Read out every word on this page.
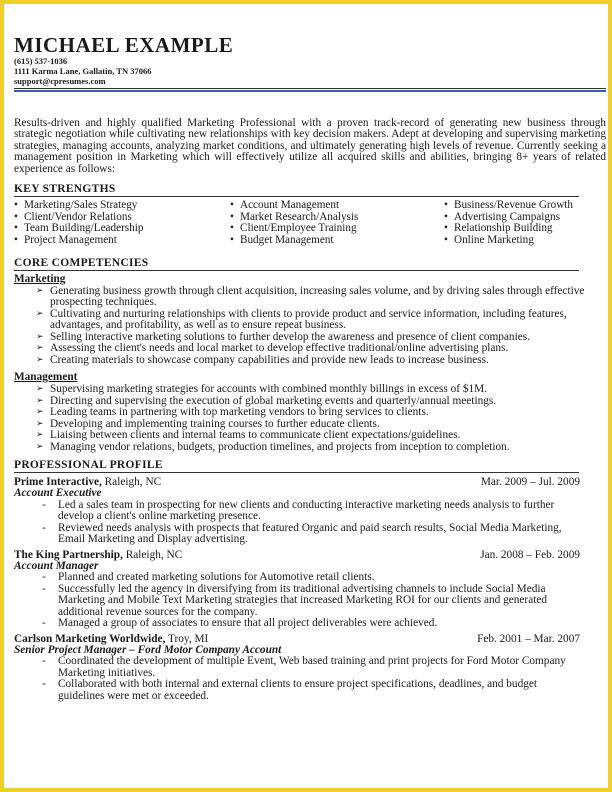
MICHAEL EXAMPLE
(615) 537-1036
1111 Karma Lane, Gallatin, TN 37066
support@cpresumes.com

Results-driven and highly qualified Marketing Professional with a proven track-record of generating new business through strategic negotiation while cultivating new relationships with key decision makers. Adept at developing and supervising marketing strategies, managing accounts, analyzing market conditions, and ultimately generating high levels of revenue. Currently seeking a management position in Marketing which will effectively utilize all acquired skills and abilities, bringing 8+ years of related experience as follows:

KEY STRENGTHS
• Marketing/Sales Strategy
• Client/Vendor Relations
• Team Building/Leadership
• Project Management
• Account Management
• Market Research/Analysis
• Client/Employee Training
• Budget Management
• Business/Revenue Growth
• Advertising Campaigns
• Relationship Building
• Online Marketing
CORE COMPETENCIES
Marketing
➢ Generating business growth through client acquisition, increasing sales volume, and by driving sales through effective prospecting techniques.
➢ Cultivating and nurturing relationships with clients to provide product and service information, including features, advantages, and profitability, as well as to ensure repeat business.
➢ Selling interactive marketing solutions to further develop the awareness and presence of client companies.
➢ Assessing the client's needs and local market to develop effective traditional/online advertising plans.
➢ Creating materials to showcase company capabilities and provide new leads to increase business.
Management
➢ Supervising marketing strategies for accounts with combined monthly billings in excess of $1M.
➢ Directing and supervising the execution of global marketing events and quarterly/annual meetings.
➢ Leading teams in partnering with top marketing vendors to bring services to clients.
➢ Developing and implementing training courses to further educate clients.
➢ Liaising between clients and internal teams to communicate client expectations/guidelines.
➢ Managing vendor relations, budgets, production timelines, and projects from inception to completion.
PROFESSIONAL PROFILE
Prime Interactive, Raleigh, NC	Mar. 2009 – Jul. 2009
Account Executive
- Led a sales team in prospecting for new clients and conducting interactive marketing needs analysis to further develop a client's online marketing presence.
- Reviewed needs analysis with prospects that featured Organic and paid search results, Social Media Marketing, Email Marketing and Display advertising.
The King Partnership, Raleigh, NC	Jan. 2008 – Feb. 2009
Account Manager
- Planned and created marketing solutions for Automotive retail clients.
- Successfully led the agency in diversifying from its traditional advertising channels to include Social Media Marketing and Mobile Text Marketing strategies that increased Marketing ROI for our clients and generated additional revenue sources for the company.
- Managed a group of associates to ensure that all project deliverables were achieved.
Carlson Marketing Worldwide, Troy, MI	Feb. 2001 – Mar. 2007
Senior Project Manager – Ford Motor Company Account
- Coordinated the development of multiple Event, Web based training and print projects for Ford Motor Company Marketing initiatives.
- Collaborated with both internal and external clients to ensure project specifications, deadlines, and budget guidelines were met or exceeded.
